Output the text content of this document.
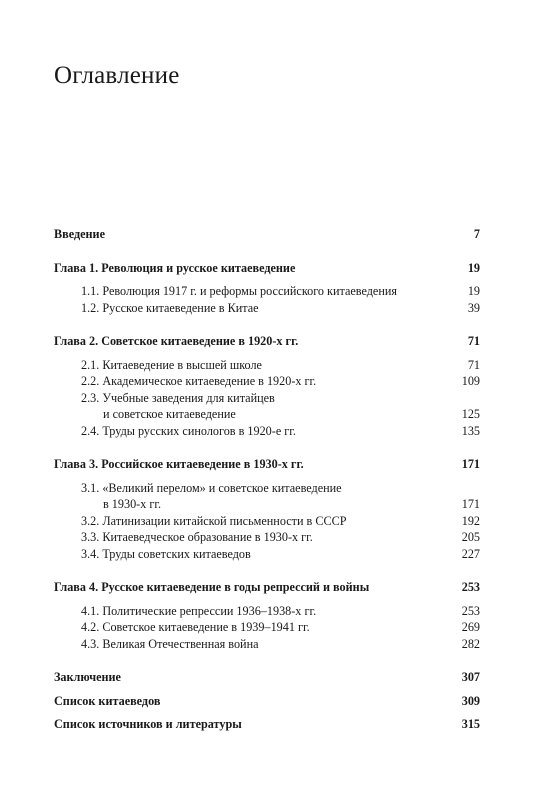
Оглавление
Введение	7
Глава 1. Революция и русское китаеведение	19
1.1. Революция 1917 г. и реформы российского китаеведения	19
1.2. Русское китаеведение в Китае	39
Глава 2. Советское китаеведение в 1920-х гг.	71
2.1. Китаеведение в высшей школе	71
2.2. Академическое китаеведение в 1920-х гг.	109
2.3. Учебные заведения для китайцев
и советское китаеведение	125
2.4. Труды русских синологов в 1920-е гг.	135
Глава 3. Российское китаеведение в 1930-х гг.	171
3.1. «Великий перелом» и советское китаеведение
в 1930-х гг.	171
3.2. Латинизации китайской письменности в СССР	192
3.3. Китаеведческое образование в 1930-х гг.	205
3.4. Труды советских китаеведов	227
Глава 4. Русское китаеведение в годы репрессий и войны	253
4.1. Политические репрессии 1936–1938-х гг.	253
4.2. Советское китаеведение в 1939–1941 гг.	269
4.3. Великая Отечественная война	282
Заключение	307
Список китаеведов	309
Список источников и литературы	315
